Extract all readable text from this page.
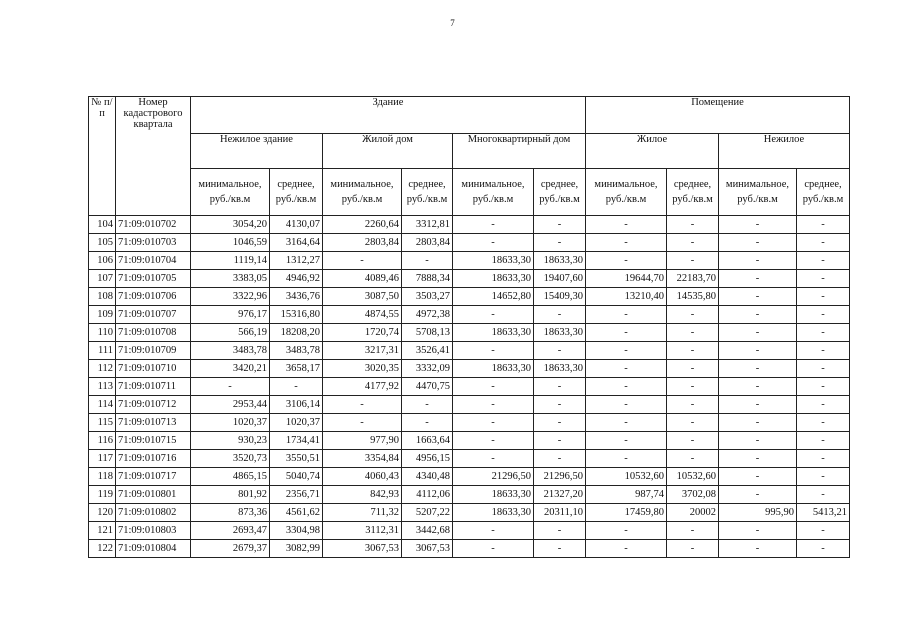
7
№ п/п	Номер кадастрового квартала	Здание						Помещение			
		Нежилое здание		Жилой дом		Многоквартирный дом		Жилое		Нежилое	
		минимальное, руб./кв.м	среднее, руб./кв.м	минимальное, руб./кв.м	среднее, руб./кв.м	минимальное, руб./кв.м	среднее, руб./кв.м	минимальное, руб./кв.м	среднее, руб./кв.м	минимальное, руб./кв.м	среднее, руб./кв.м
104	71:09:010702	3054,20	4130,07	2260,64	3312,81	-	-	-	-	-	-
105	71:09:010703	1046,59	3164,64	2803,84	2803,84	-	-	-	-	-	-
106	71:09:010704	1119,14	1312,27	-	-	18633,30	18633,30	-	-	-	-
107	71:09:010705	3383,05	4946,92	4089,46	7888,34	18633,30	19407,60	19644,70	22183,70	-	-
108	71:09:010706	3322,96	3436,76	3087,50	3503,27	14652,80	15409,30	13210,40	14535,80	-	-
109	71:09:010707	976,17	15316,80	4874,55	4972,38	-	-	-	-	-	-
110	71:09:010708	566,19	18208,20	1720,74	5708,13	18633,30	18633,30	-	-	-	-
111	71:09:010709	3483,78	3483,78	3217,31	3526,41	-	-	-	-	-	-
112	71:09:010710	3420,21	3658,17	3020,35	3332,09	18633,30	18633,30	-	-	-	-
113	71:09:010711	-	-	4177,92	4470,75	-	-	-	-	-	-
114	71:09:010712	2953,44	3106,14	-	-	-	-	-	-	-	-
115	71:09:010713	1020,37	1020,37	-	-	-	-	-	-	-	-
116	71:09:010715	930,23	1734,41	977,90	1663,64	-	-	-	-	-	-
117	71:09:010716	3520,73	3550,51	3354,84	4956,15	-	-	-	-	-	-
118	71:09:010717	4865,15	5040,74	4060,43	4340,48	21296,50	21296,50	10532,60	10532,60	-	-
119	71:09:010801	801,92	2356,71	842,93	4112,06	18633,30	21327,20	987,74	3702,08	-	-
120	71:09:010802	873,36	4561,62	711,32	5207,22	18633,30	20311,10	17459,80	20002	995,90	5413,21
121	71:09:010803	2693,47	3304,98	3112,31	3442,68	-	-	-	-	-	-
122	71:09:010804	2679,37	3082,99	3067,53	3067,53	-	-	-	-	-	-
